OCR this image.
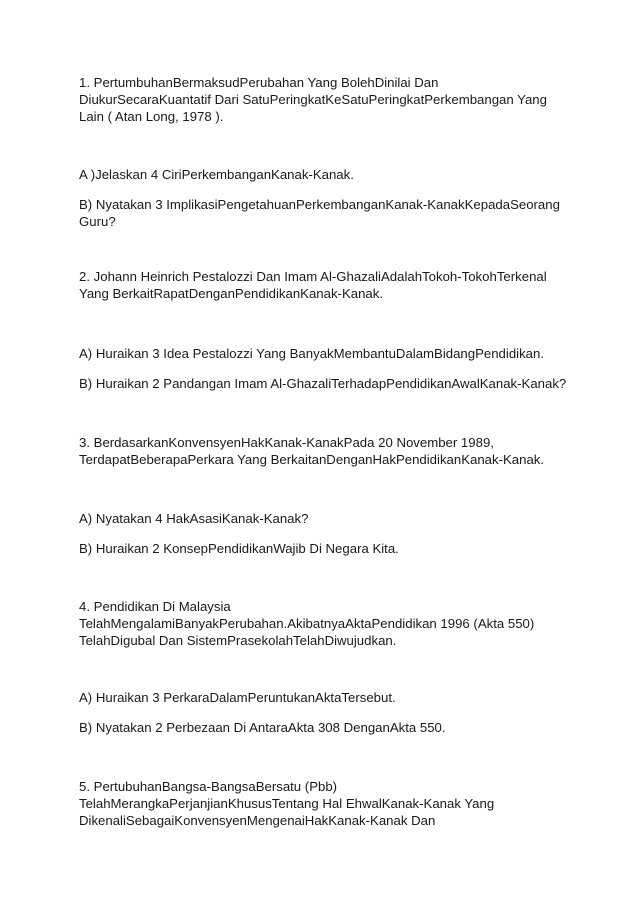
1. PertumbuhanBermaksudPerubahan Yang BolehDinilai Dan
DiukurSecaraKuantatif Dari SatuPeringkatKeSatuPeringkatPerkembangan Yang
Lain ( Atan Long, 1978 ).

A )Jelaskan 4 CiriPerkembanganKanak-Kanak.

B) Nyatakan 3 ImplikasiPengetahuanPerkembanganKanak-KanakKepadaSeorang
Guru?

2. Johann Heinrich Pestalozzi Dan Imam Al-GhazaliAdalahTokoh-TokohTerkenal
Yang BerkaitRapatDenganPendidikanKanak-Kanak.

A) Huraikan 3 Idea Pestalozzi Yang BanyakMembantuDalamBidangPendidikan.

B) Huraikan 2 Pandangan Imam Al-GhazaliTerhadapPendidikanAwalKanak-Kanak?

3. BerdasarkanKonvensyenHakKanak-KanakPada 20 November 1989,
TerdapatBeberapaPerkara Yang BerkaitanDenganHakPendidikanKanak-Kanak.

A) Nyatakan 4 HakAsasiKanak-Kanak?

B) Huraikan 2 KonsepPendidikanWajib Di Negara Kita.

4. Pendidikan Di Malaysia
TelahMengalamiBanyakPerubahan.AkibatnyaAktaPendidikan 1996 (Akta 550)
TelahDigubal Dan SistemPrasekolahTelahDiwujudkan.

A) Huraikan 3 PerkaraDalamPeruntukanAktaTersebut.

B) Nyatakan 2 Perbezaan Di AntaraAkta 308 DenganAkta 550.

5. PertubuhanBangsa-BangsaBersatu (Pbb)
TelahMerangkaPerjanjianKhususTentang Hal EhwalKanak-Kanak Yang
DikenaliSebagaiKonvensyenMengenaiHakKanak-Kanak Dan
